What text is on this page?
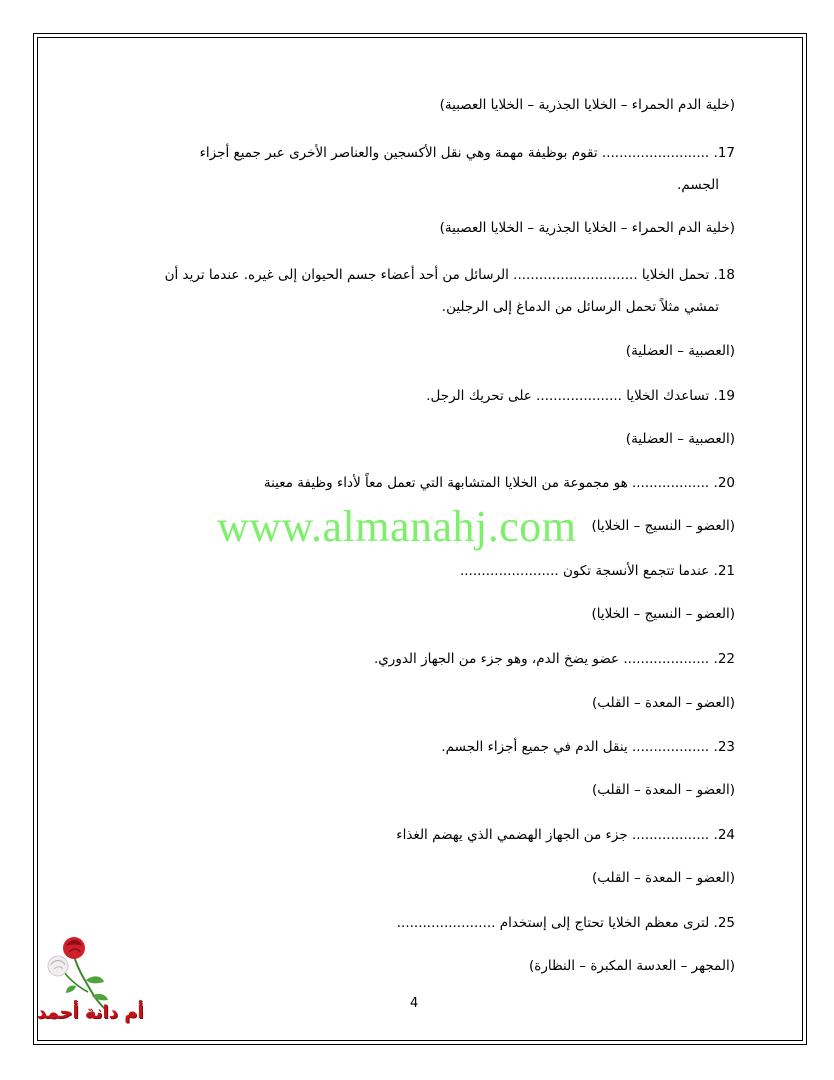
(خلية الدم الحمراء – الخلايا الجذرية – الخلايا العصبية)
17. ......................... تقوم بوظيفة مهمة وهي نقل الأكسجين والعناصر الأخرى عبر جميع أجزاء
الجسم.
(خلية الدم الحمراء – الخلايا الجذرية – الخلايا العصبية)
18. تحمل الخلايا ............................. الرسائل من أحد أعضاء جسم الحيوان إلى غيره. عندما تريد أن
تمشي مثلاً تحمل الرسائل من الدماغ إلى الرجلين.
(العصبية – العضلية)
19. تساعدك الخلايا .................... على تحريك الرجل.
(العصبية – العضلية)
20. .................. هو مجموعة من الخلايا المتشابهة التي تعمل معاً لأداء وظيفة معينة
(العضو – النسيج – الخلايا)
21. عندما تتجمع الأنسجة تكون .......................
(العضو – النسيج – الخلايا)
22. .................... عضو يضخ الدم، وهو جزء من الجهاز الدوري.
(العضو – المعدة – القلب)
23. .................. ينقل الدم في جميع أجزاء الجسم.
(العضو – المعدة – القلب)
24. .................. جزء من الجهاز الهضمي الذي يهضم الغذاء
(العضو – المعدة – القلب)
25. لترى معظم الخلايا تحتاج إلى إستخدام .......................
(المجهر – العدسة المكبرة – النظارة)
www.almanahj.com
4
أم دانة أحمد
